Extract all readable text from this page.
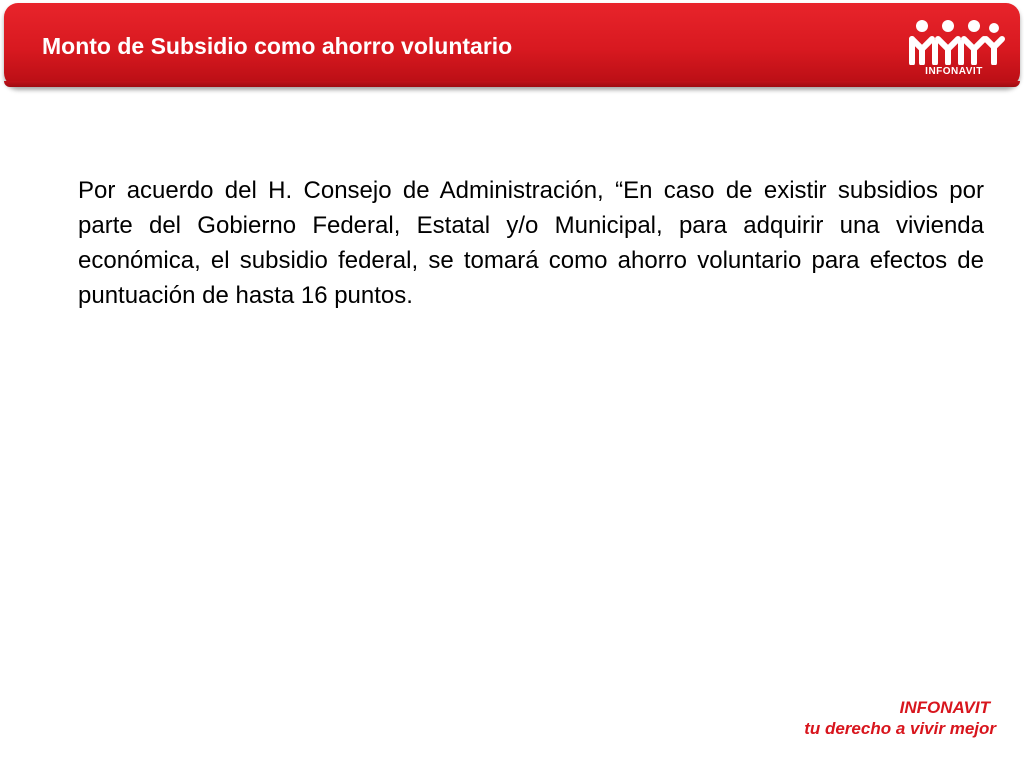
Monto de Subsidio como ahorro voluntario
INFONAVIT
Por acuerdo del H. Consejo de Administración, “En caso de existir subsidios por parte del Gobierno Federal, Estatal y/o Municipal, para adquirir una vivienda económica, el subsidio federal, se tomará como ahorro voluntario para efectos de puntuación de hasta 16 puntos.
INFONAVIT
tu derecho a vivir mejor
